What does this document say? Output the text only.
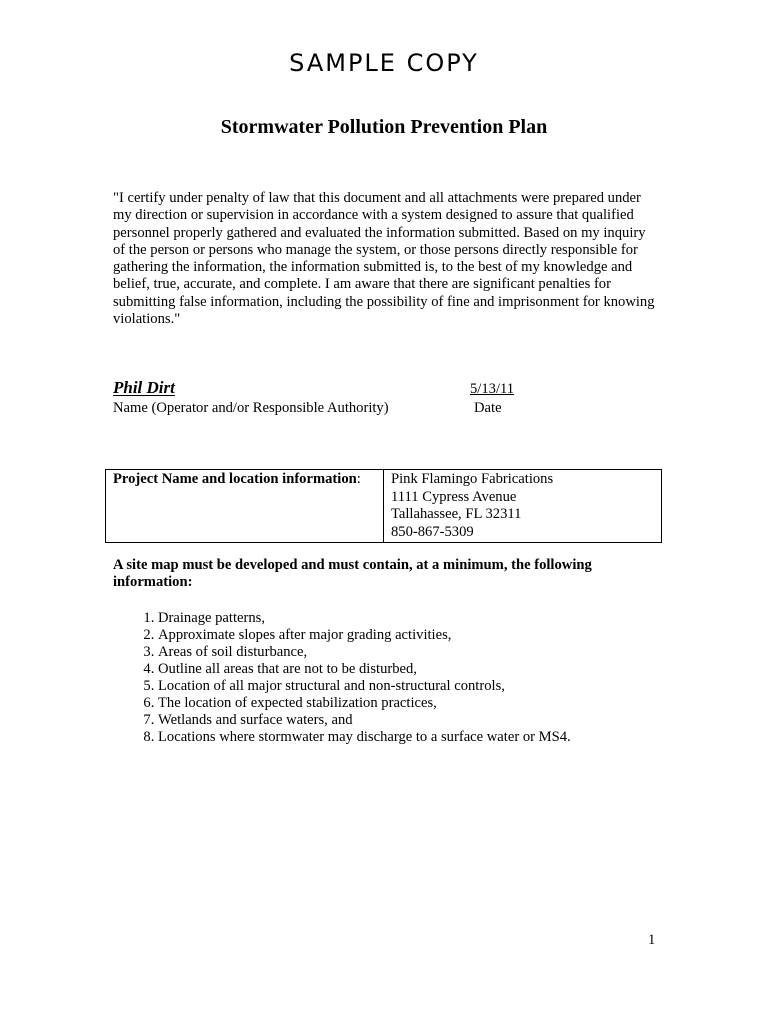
SAMPLE COPY
Stormwater Pollution Prevention Plan

"I certify under penalty of law that this document and all attachments were prepared under my direction or supervision in accordance with a system designed to assure that qualified personnel properly gathered and evaluated the information submitted. Based on my inquiry of the person or persons who manage the system, or those persons directly responsible for gathering the information, the information submitted is, to the best of my knowledge and belief, true, accurate, and complete. I am aware that there are significant penalties for submitting false information, including the possibility of fine and imprisonment for knowing violations."

Phil Dirt	5/13/11
Name (Operator and/or Responsible Authority)	Date
Project Name and location information:	Pink Flamingo Fabrications
1111 Cypress Avenue
Tallahassee, FL 32311
850-867-5309

A site map must be developed and must contain, at a minimum, the following information:

1. Drainage patterns,
2. Approximate slopes after major grading activities,
3. Areas of soil disturbance,
4. Outline all areas that are not to be disturbed,
5. Location of all major structural and non-structural controls,
6. The location of expected stabilization practices,
7. Wetlands and surface waters, and
8. Locations where stormwater may discharge to a surface water or MS4.
1
